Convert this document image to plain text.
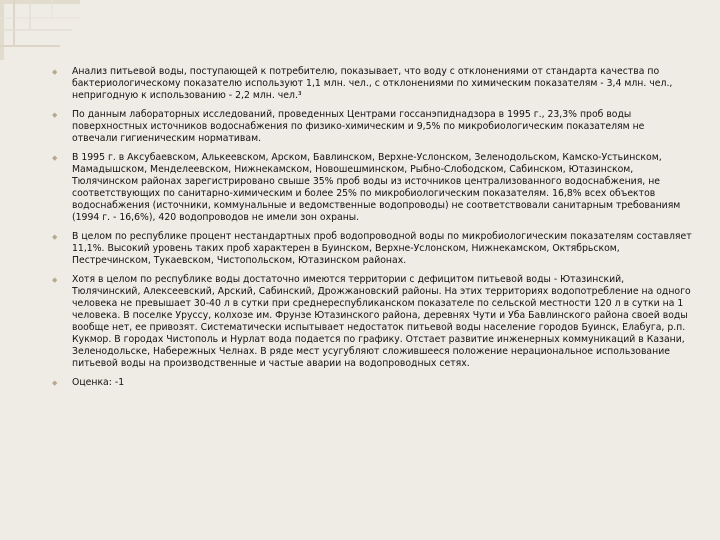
◆ Анализ питьевой воды, поступающей к потребителю, показывает, что воду с отклонениями от стандарта качества по бактериологическому показателю используют 1,1 млн. чел., с отклонениями по химическим показателям - 3,4 млн. чел., непригодную к использованию - 2,2 млн. чел.³
◆ По данным лабораторных исследований, проведенных Центрами госсанэпиднадзора в 1995 г., 23,3% проб воды поверхностных источников водоснабжения по физико-химическим и 9,5% по микробиологическим показателям не отвечали гигиеническим нормативам.
◆ В 1995 г. в Аксубаевском, Алькеевском, Арском, Бавлинском, Верхне-Услонском, Зеленодольском, Камско-Устьинском, Мамадышском, Менделеевском, Нижнекамском, Новошешминском, Рыбно-Слободском, Сабинском, Ютазинском, Тюлячинском районах зарегистрировано свыше 35% проб воды из источников централизованного водоснабжения, не соответствующих по санитарно-химическим и более 25% по микробиологическим показателям. 16,8% всех объектов водоснабжения (источники, коммунальные и ведомственные водопроводы) не соответствовали санитарным требованиям (1994 г. - 16,6%), 420 водопроводов не имели зон охраны.
◆ В целом по республике процент нестандартных проб водопроводной воды по микробиологическим показателям составляет 11,1%. Высокий уровень таких проб характерен в Буинском, Верхне-Услонском, Нижнекамском, Октябрьском, Пестречинском, Тукаевском, Чистопольском, Ютазинском районах.
◆ Хотя в целом по республике воды достаточно имеются территории с дефицитом питьевой воды - Ютазинский, Тюлячинский, Алексеевский, Арский, Сабинский, Дрожжановский районы. На этих территориях водопотребление на одного человека не превышает 30-40 л в сутки при среднереспубликанском показателе по сельской местности 120 л в сутки на 1 человека. В поселке Уруссу, колхозе им. Фрунзе Ютазинского района, деревнях Чути и Уба Бавлинского района своей воды вообще нет, ее привозят. Систематически испытывает недостаток питьевой воды население городов Буинск, Елабуга, р.п. Кукмор. В городах Чистополь и Нурлат вода подается по графику. Отстает развитие инженерных коммуникаций в Казани, Зеленодольске, Набережных Челнах. В ряде мест усугубляют сложившееся положение нерациональное использование питьевой воды на производственные и частые аварии на водопроводных сетях.
◆ Оценка: -1
